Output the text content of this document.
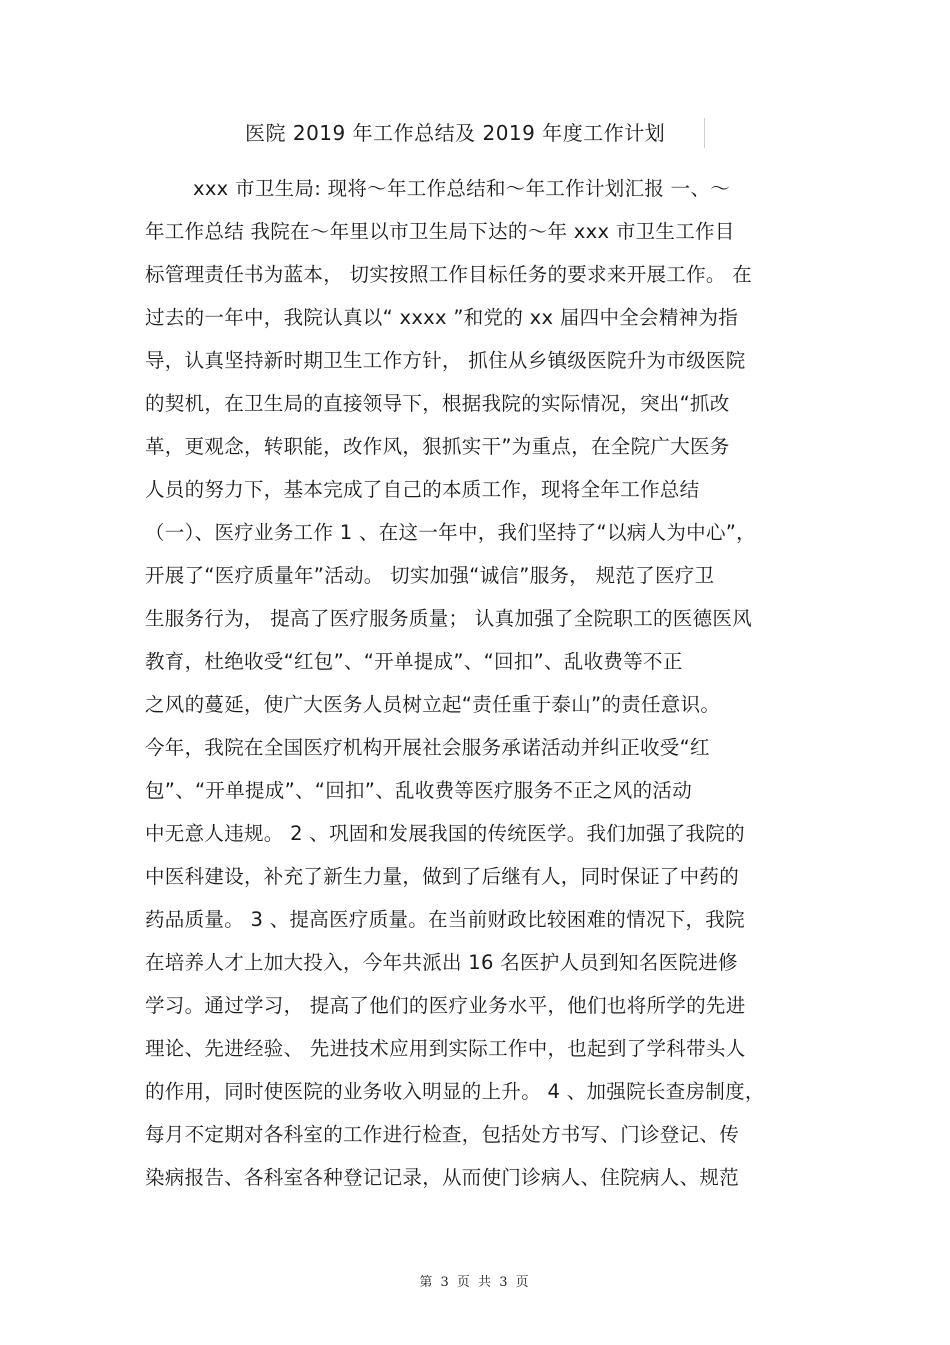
医院 2019 年工作总结及 2019 年度工作计划
xxx 市卫生局: 现将～年工作总结和～年工作计划汇报 一、～
年工作总结 我院在～年里以市卫生局下达的～年 xxx 市卫生工作目
标管理责任书为蓝本， 切实按照工作目标任务的要求来开展工作。 在
过去的一年中，我院认真以“ xxxx ”和党的 xx 届四中全会精神为指
导，认真坚持新时期卫生工作方针， 抓住从乡镇级医院升为市级医院
的契机，在卫生局的直接领导下，根据我院的实际情况，突出“抓改
革，更观念，转职能，改作风，狠抓实干”为重点，在全院广大医务
人员的努力下，基本完成了自己的本质工作，现将全年工作总结
（一）、医疗业务工作 1 、在这一年中，我们坚持了“以病人为中心”，
开展了“医疗质量年”活动。 切实加强“诚信”服务， 规范了医疗卫
生服务行为， 提高了医疗服务质量； 认真加强了全院职工的医德医风
教育，杜绝收受“红包”、“开单提成”、“回扣”、乱收费等不正
之风的蔓延，使广大医务人员树立起“责任重于泰山”的责任意识。
今年，我院在全国医疗机构开展社会服务承诺活动并纠正收受“红
包”、“开单提成”、“回扣”、乱收费等医疗服务不正之风的活动
中无意人违规。 2 、巩固和发展我国的传统医学。我们加强了我院的
中医科建设，补充了新生力量，做到了后继有人，同时保证了中药的
药品质量。 3 、提高医疗质量。在当前财政比较困难的情况下，我院
在培养人才上加大投入，今年共派出 16 名医护人员到知名医院进修
学习。通过学习， 提高了他们的医疗业务水平，他们也将所学的先进
理论、先进经验、 先进技术应用到实际工作中，也起到了学科带头人
的作用，同时使医院的业务收入明显的上升。 4 、加强院长查房制度，
每月不定期对各科室的工作进行检查，包括处方书写、门诊登记、传
染病报告、各科室各种登记记录，从而使门诊病人、住院病人、规范
第 3 页 共 3 页
